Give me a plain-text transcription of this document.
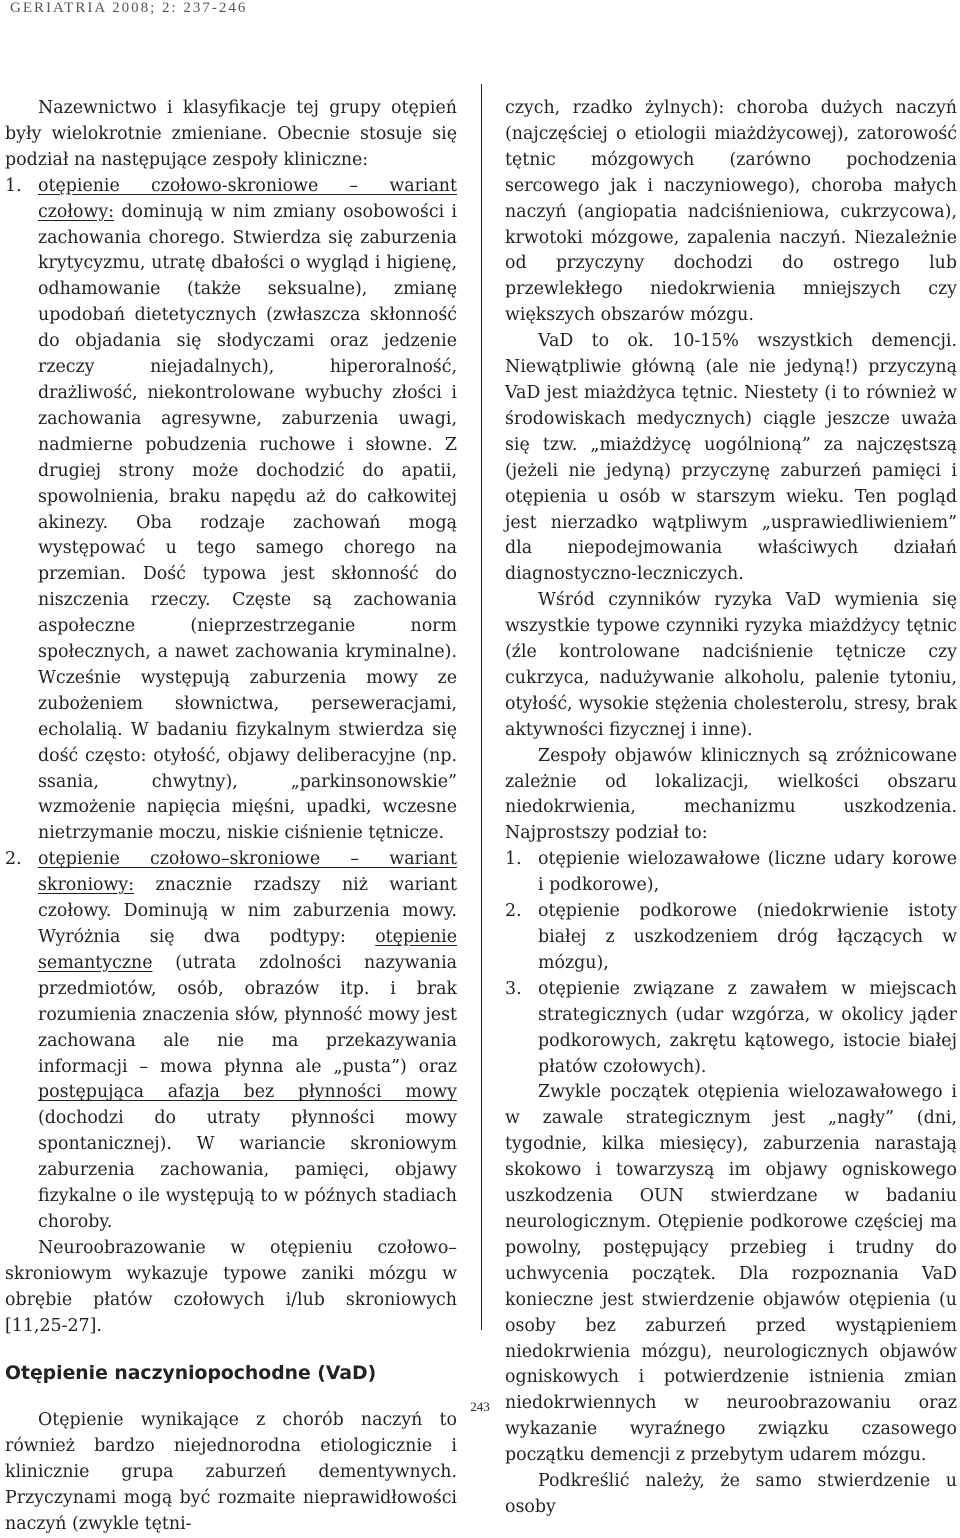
GERIATRIA 2008; 2: 237-246

Nazewnictwo i klasyfikacje tej grupy otępień były wielokrotnie zmieniane. Obecnie stosuje się podział na następujące zespoły kliniczne:

1. otępienie czołowo-skroniowe – wariant czołowy: dominują w nim zmiany osobowości i zachowania chorego. Stwierdza się zaburzenia krytycyzmu, utratę dbałości o wygląd i higienę, odhamowanie (także seksualne), zmianę upodobań dietetycznych (zwłaszcza skłonność do objadania się słodyczami oraz jedzenie rzeczy niejadalnych), hiperoralność, drażliwość, niekontrolowane wybuchy złości i zachowania agresywne, zaburzenia uwagi, nadmierne pobudzenia ruchowe i słowne. Z drugiej strony może dochodzić do apatii, spowolnienia, braku napędu aż do całkowitej akinezy. Oba rodzaje zachowań mogą występować u tego samego chorego na przemian. Dość typowa jest skłonność do niszczenia rzeczy. Częste są zachowania aspołeczne (nieprzestrzeganie norm społecznych, a nawet zachowania kryminalne). Wcześnie występują zaburzenia mowy ze zubożeniem słownictwa, perseweracjami, echolalią. W badaniu fizykalnym stwierdza się dość często: otyłość, objawy deliberacyjne (np. ssania, chwytny), „parkinsonowskie” wzmożenie napięcia mięśni, upadki, wczesne nietrzymanie moczu, niskie ciśnienie tętnicze.
2. otępienie czołowo–skroniowe – wariant skroniowy: znacznie rzadszy niż wariant czołowy. Dominują w nim zaburzenia mowy. Wyróżnia się dwa podtypy: otępienie semantyczne (utrata zdolności nazywania przedmiotów, osób, obrazów itp. i brak rozumienia znaczenia słów, płynność mowy jest zachowana ale nie ma przekazywania informacji – mowa płynna ale „pusta”) oraz postępująca afazja bez płynności mowy (dochodzi do utraty płynności mowy spontanicznej). W wariancie skroniowym zaburzenia zachowania, pamięci, objawy fizykalne o ile występują to w późnych stadiach choroby.

Neuroobrazowanie w otępieniu czołowo–skroniowym wykazuje typowe zaniki mózgu w obrębie płatów czołowych i/lub skroniowych [11,25-27].

Otępienie naczyniopochodne (VaD)

Otępienie wynikające z chorób naczyń to również bardzo niejednorodna etiologicznie i klinicznie grupa zaburzeń dementywnych. Przyczynami mogą być rozmaite nieprawidłowości naczyń (zwykle tętni-

czych, rzadko żylnych): choroba dużych naczyń (najczęściej o etiologii miażdżycowej), zatorowość tętnic mózgowych (zarówno pochodzenia sercowego jak i naczyniowego), choroba małych naczyń (angiopatia nadciśnieniowa, cukrzycowa), krwotoki mózgowe, zapalenia naczyń. Niezależnie od przyczyny dochodzi do ostrego lub przewlekłego niedokrwienia mniejszych czy większych obszarów mózgu.

VaD to ok. 10-15% wszystkich demencji. Niewątpliwie główną (ale nie jedyną!) przyczyną VaD jest miażdżyca tętnic. Niestety (i to również w środowiskach medycznych) ciągle jeszcze uważa się tzw. „miażdżycę uogólnioną” za najczęstszą (jeżeli nie jedyną) przyczynę zaburzeń pamięci i otępienia u osób w starszym wieku. Ten pogląd jest nierzadko wątpliwym „usprawiedliwieniem” dla niepodejmowania właściwych działań diagnostyczno-leczniczych.

Wśród czynników ryzyka VaD wymienia się wszystkie typowe czynniki ryzyka miażdżycy tętnic (źle kontrolowane nadciśnienie tętnicze czy cukrzyca, nadużywanie alkoholu, palenie tytoniu, otyłość, wysokie stężenia cholesterolu, stresy, brak aktywności fizycznej i inne).

Zespoły objawów klinicznych są zróżnicowane zależnie od lokalizacji, wielkości obszaru niedokrwienia, mechanizmu uszkodzenia. Najprostszy podział to:

1. otępienie wielozawałowe (liczne udary korowe i podkorowe),
2. otępienie podkorowe (niedokrwienie istoty białej z uszkodzeniem dróg łączących w mózgu),
3. otępienie związane z zawałem w miejscach strategicznych (udar wzgórza, w okolicy jąder podkorowych, zakrętu kątowego, istocie białej płatów czołowych).

Zwykle początek otępienia wielozawałowego i w zawale strategicznym jest „nagły” (dni, tygodnie, kilka miesięcy), zaburzenia narastają skokowo i towarzyszą im objawy ogniskowego uszkodzenia OUN stwierdzane w badaniu neurologicznym. Otępienie podkorowe częściej ma powolny, postępujący przebieg i trudny do uchwycenia początek. Dla rozpoznania VaD konieczne jest stwierdzenie objawów otępienia (u osoby bez zaburzeń przed wystąpieniem niedokrwienia mózgu), neurologicznych objawów ogniskowych i potwierdzenie istnienia zmian niedokrwiennych w neuroobrazowaniu oraz wykazanie wyraźnego związku czasowego początku demencji z przebytym udarem mózgu.

Podkreślić należy, że samo stwierdzenie u osoby

243
